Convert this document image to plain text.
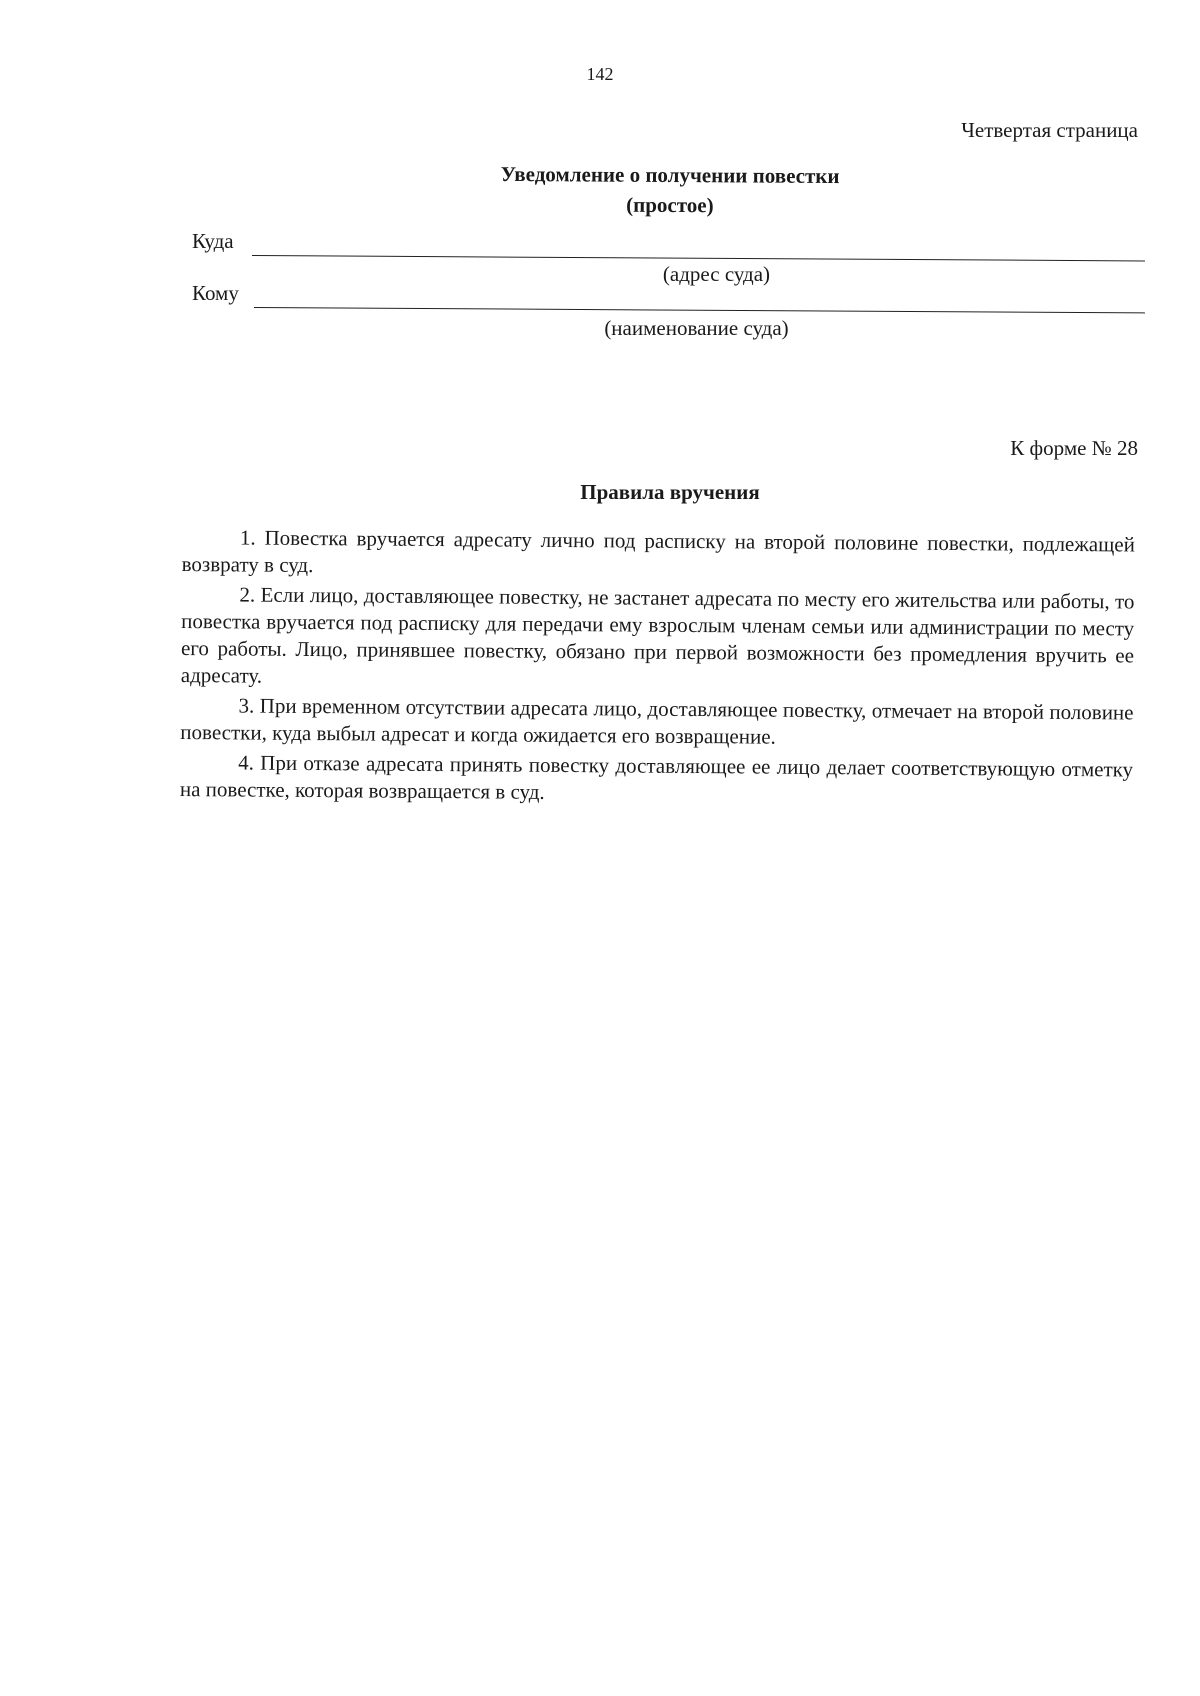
142
Четвертая страница
Уведомление о получении повестки
(простое)
Куда
(адрес суда)
Кому
(наименование суда)
К форме № 28
Правила вручения

1. Повестка вручается адресату лично под расписку на второй половине повестки, подлежащей возврату в суд.

2. Если лицо, доставляющее повестку, не застанет адресата по месту его жительства или работы, то повестка вручается под расписку для передачи ему взрослым членам семьи или администрации по месту его работы. Лицо, принявшее повестку, обязано при первой возможности без промедления вручить ее адресату.

3. При временном отсутствии адресата лицо, доставляющее повестку, отмечает на второй половине повестки, куда выбыл адресат и когда ожидается его возвращение.

4. При отказе адресата принять повестку доставляющее ее лицо делает соответствующую отметку на повестке, которая возвращается в суд.
